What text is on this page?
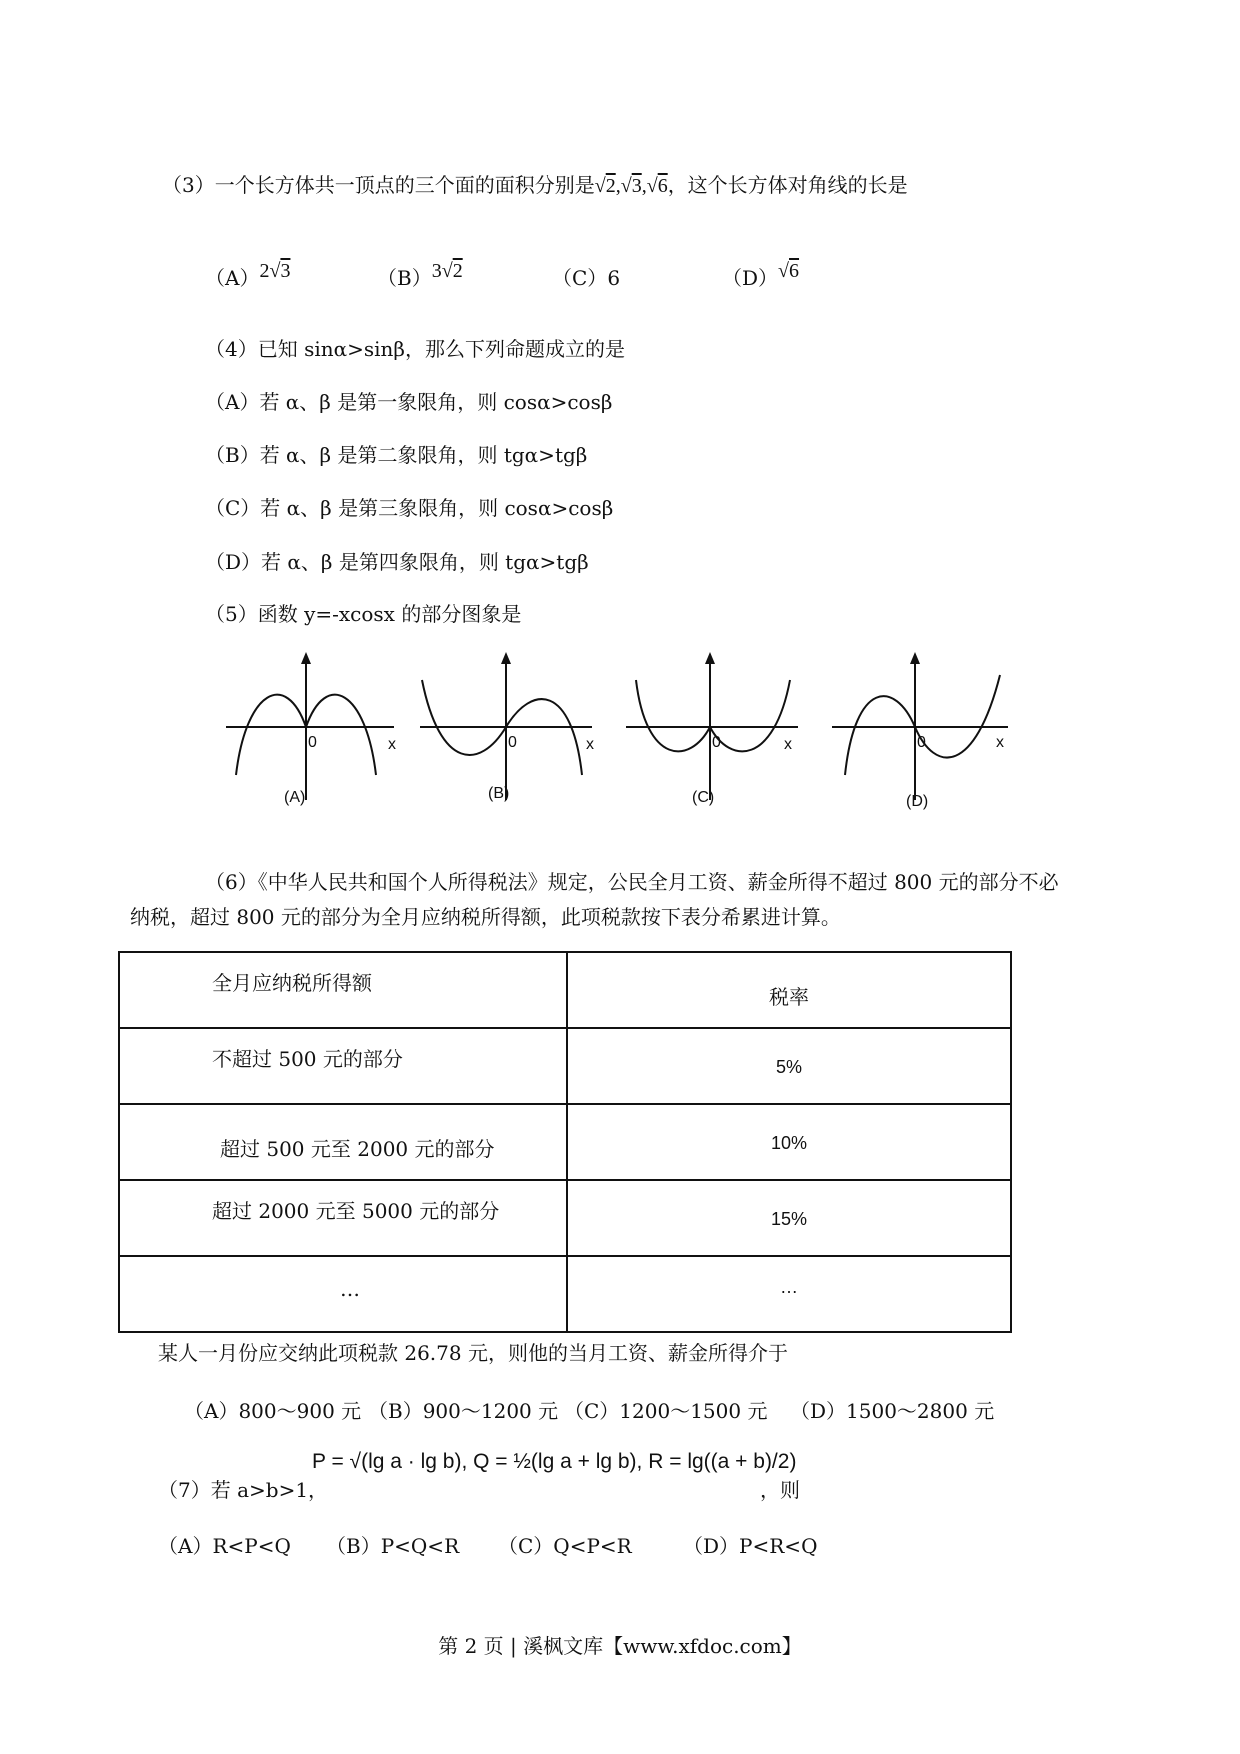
（3）一个长方体共一顶点的三个面的面积分别是√2,√3,√6，这个长方体对角线的长是
（A）2√3	（B）3√2	（C）6	（D）√6
（4）已知 sinα>sinβ，那么下列命题成立的是
（A）若 α、β 是第一象限角，则 cosα>cosβ
（B）若 α、β 是第二象限角，则 tgα>tgβ
（C）若 α、β 是第三象限角，则 cosα>cosβ
（D）若 α、β 是第四象限角，则 tgα>tgβ
（5）函数 y=-xcosx 的部分图象是
0	x
(A)
0	x
(B)
0	x
(C)
0	x
(D)
（6）《中华人民共和国个人所得税法》规定，公民全月工资、薪金所得不超过 800 元的部分不必
纳税，超过 800 元的部分为全月应纳税所得额，此项税款按下表分希累进计算。
全月应纳税所得额	税率

不超过 500 元的部分	5%

超过 500 元至 2000 元的部分	10%

超过 2000 元至 5000 元的部分	15%

…	…
某人一月份应交纳此项税款 26.78 元，则他的当月工资、薪金所得介于
（A）800～900 元 （B）900～1200 元 （C）1200～1500 元 （D）1500～2800 元
（7）若 a>b>1，
P = √(lg a · lg b), Q = ½(lg a + lg b), R = lg((a + b)/2)
，则
（A）R<P<Q （B）P<Q<R （C）Q<P<R	（D）P<R<Q
第 2 页 | 溪枫文库【www.xfdoc.com】
